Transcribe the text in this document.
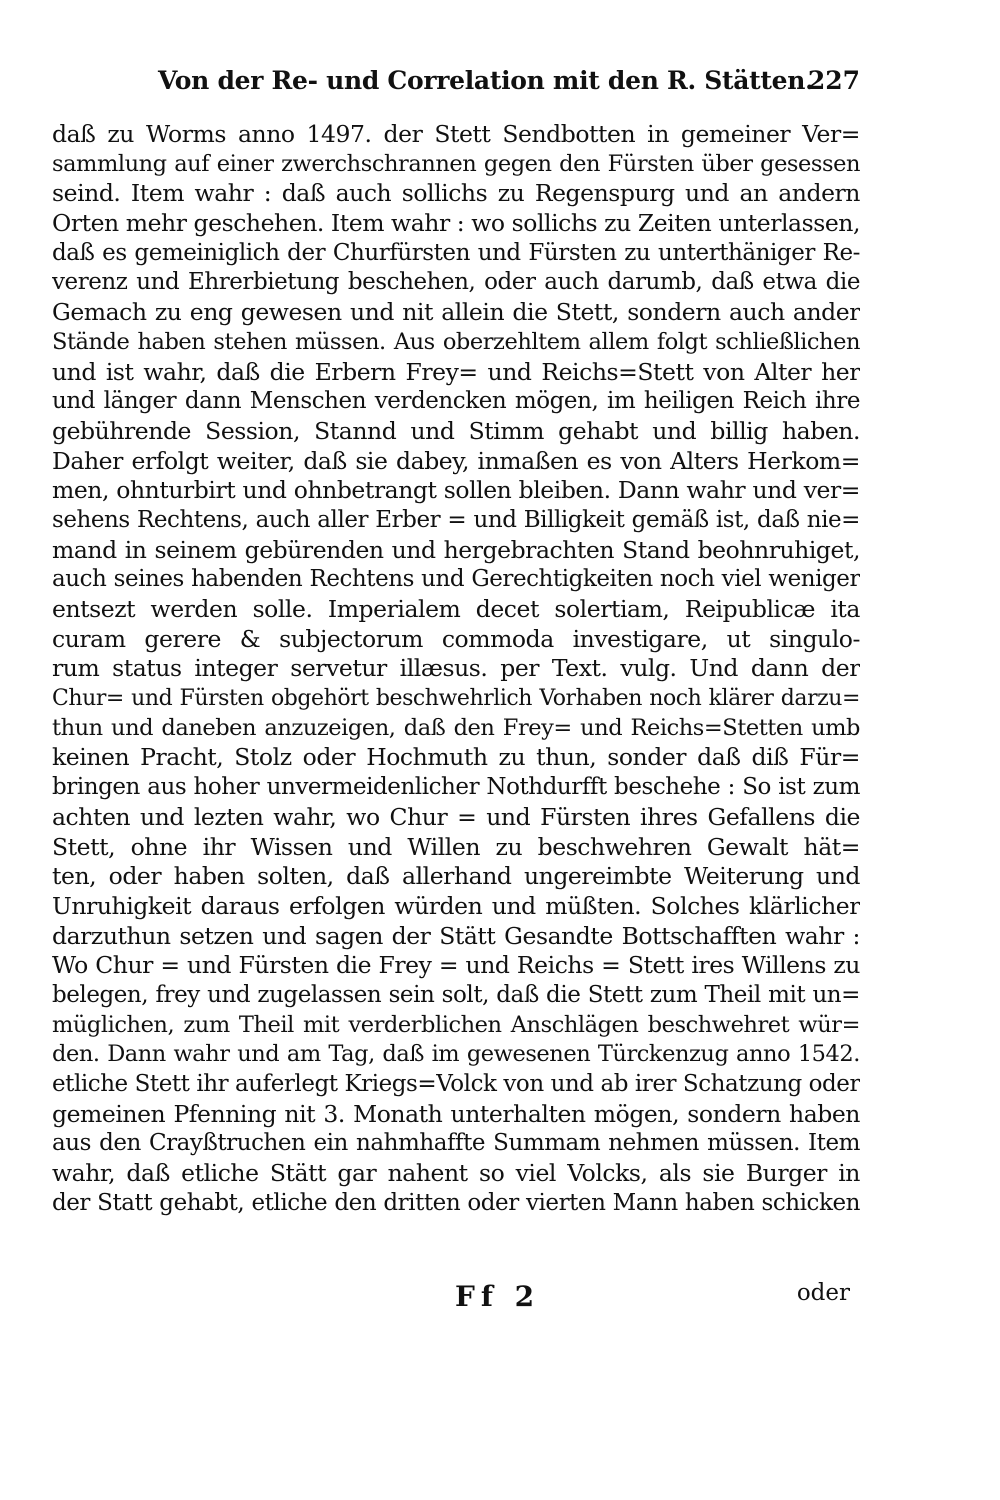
Von der Re- und Correlation mit den R. Stätten.
227
daß zu Worms anno 1497. der Stett Sendbotten in gemeiner Ver=
sammlung auf einer zwerchschrannen gegen den Fürsten über gesessen
seind. Item wahr : daß auch sollichs zu Regenspurg und an andern
Orten mehr geschehen. Item wahr : wo sollichs zu Zeiten unterlassen,
daß es gemeiniglich der Churfürsten und Fürsten zu unterthäniger Re-
verenz und Ehrerbietung beschehen, oder auch darumb, daß etwa die
Gemach zu eng gewesen und nit allein die Stett, sondern auch ander
Stände haben stehen müssen. Aus oberzehltem allem folgt schließlichen
und ist wahr, daß die Erbern Frey= und Reichs=Stett von Alter her
und länger dann Menschen verdencken mögen, im heiligen Reich ihre
gebührende Session, Stannd und Stimm gehabt und billig haben.
Daher erfolgt weiter, daß sie dabey, inmaßen es von Alters Herkom=
men, ohnturbirt und ohnbetrangt sollen bleiben. Dann wahr und ver=
sehens Rechtens, auch aller Erber = und Billigkeit gemäß ist, daß nie=
mand in seinem gebürenden und hergebrachten Stand beohnruhiget,
auch seines habenden Rechtens und Gerechtigkeiten noch viel weniger
entsezt werden solle. Imperialem decet solertiam, Reipublicæ ita
curam gerere & subjectorum commoda investigare, ut singulo-
rum status integer servetur illæsus. per Text. vulg. Und dann der
Chur= und Fürsten obgehört beschwehrlich Vorhaben noch klärer darzu=
thun und daneben anzuzeigen, daß den Frey= und Reichs=Stetten umb
keinen Pracht, Stolz oder Hochmuth zu thun, sonder daß diß Für=
bringen aus hoher unvermeidenlicher Nothdurfft beschehe : So ist zum
achten und lezten wahr, wo Chur = und Fürsten ihres Gefallens die
Stett, ohne ihr Wissen und Willen zu beschwehren Gewalt hät=
ten, oder haben solten, daß allerhand ungereimbte Weiterung und
Unruhigkeit daraus erfolgen würden und müßten. Solches klärlicher
darzuthun setzen und sagen der Stätt Gesandte Bottschafften wahr :
Wo Chur = und Fürsten die Frey = und Reichs = Stett ires Willens zu
belegen, frey und zugelassen sein solt, daß die Stett zum Theil mit un=
müglichen, zum Theil mit verderblichen Anschlägen beschwehret wür=
den. Dann wahr und am Tag, daß im gewesenen Türckenzug anno 1542.
etliche Stett ihr auferlegt Kriegs=Volck von und ab irer Schatzung oder
gemeinen Pfenning nit 3. Monath unterhalten mögen, sondern haben
aus den Crayßtruchen ein nahmhaffte Summam nehmen müssen. Item
wahr, daß etliche Stätt gar nahent so viel Volcks, als sie Burger in
der Statt gehabt, etliche den dritten oder vierten Mann haben schicken
Ff 2	oder
